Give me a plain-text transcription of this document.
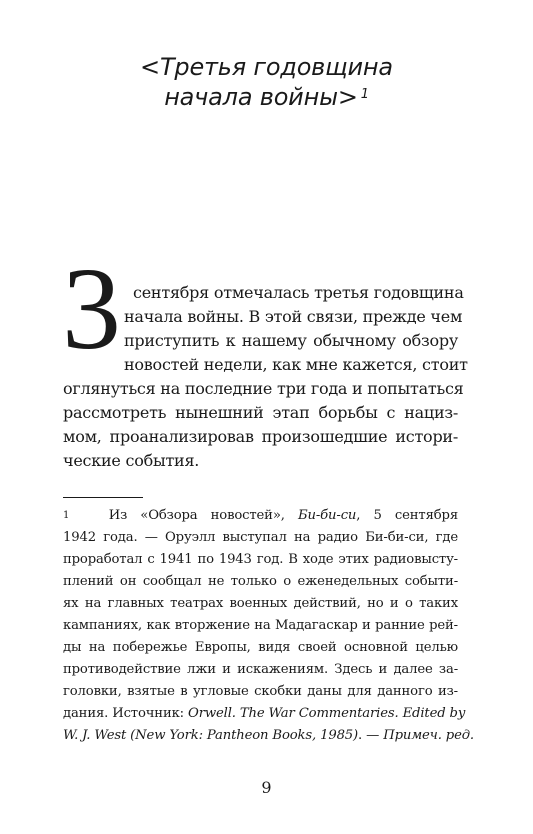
<Третья годовщина
начала войны> $^1$
3 сентября отмечалась третья годовщина
начала войны. В этой связи, прежде чем
приступить к нашему обычному обзору
новостей недели, как мне кажется, стоит
оглянуться на последние три года и попытаться
рассмотреть нынешний этап борьбы с нациз-
мом, проанализировав произошедшие истори-
ческие события.
$^1$	Из «Обзора новостей», Би-би-си, 5 сентября
1942 года. — Оруэлл выступал на радио Би-би-си, где
проработал с 1941 по 1943 год. В ходе этих радиовысту-
плений он сообщал не только о еженедельных событи-
ях на главных театрах военных действий, но и о таких
кампаниях, как вторжение на Мадагаскар и ранние рей-
ды на побережье Европы, видя своей основной целью
противодействие лжи и искажениям. Здесь и далее за-
головки, взятые в угловые скобки даны для данного из-
дания. Источник: Orwell. The War Commentaries. Edited by
W. J. West (New York: Pantheon Books, 1985). — Примеч. ред.
9
